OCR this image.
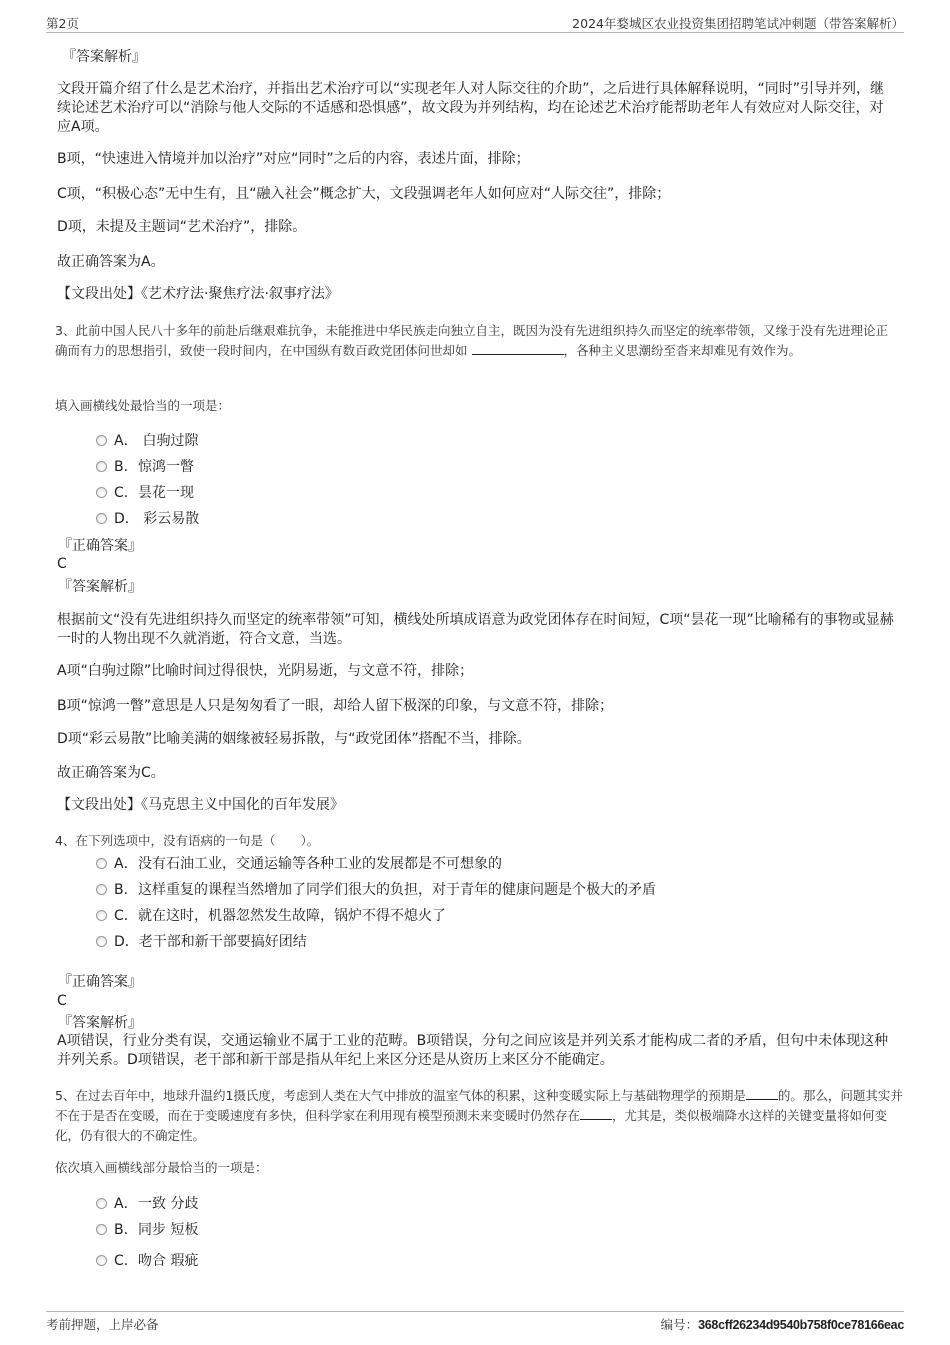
第2页	2024年婺城区农业投资集团招聘笔试冲刺题（带答案解析）
『答案解析』
文段开篇介绍了什么是艺术治疗，并指出艺术治疗可以“实现老年人对人际交往的介助”，之后进行具体解释说明，“同时”引导并列，继续论述艺术治疗可以“消除与他人交际的不适感和恐惧感”，故文段为并列结构，均在论述艺术治疗能帮助老年人有效应对人际交往，对应A项。
B项，“快速进入情境并加以治疗”对应“同时”之后的内容，表述片面，排除；
C项，“积极心态”无中生有，且“融入社会”概念扩大，文段强调老年人如何应对“人际交往”，排除；
D项，未提及主题词“艺术治疗”，排除。
故正确答案为A。
【文段出处】《艺术疗法·聚焦疗法·叙事疗法》
3、此前中国人民八十多年的前赴后继艰难抗争，未能推进中华民族走向独立自主，既因为没有先进组织持久而坚定的统率带领，又缘于没有先进理论正确而有力的思想指引，致使一段时间内，在中国纵有数百政党团体问世却如	，各种主义思潮纷至沓来却难见有效作为。
填入画横线处最恰当的一项是：
A． 白驹过隙
B．惊鸿一瞥
C．昙花一现
D． 彩云易散
『正确答案』
C
『答案解析』
根据前文“没有先进组织持久而坚定的统率带领”可知，横线处所填成语意为政党团体存在时间短，C项“昙花一现”比喻稀有的事物或显赫一时的人物出现不久就消逝，符合文意，当选。
A项“白驹过隙”比喻时间过得很快，光阴易逝，与文意不符，排除；
B项“惊鸿一瞥”意思是人只是匆匆看了一眼，却给人留下极深的印象，与文意不符，排除；
D项“彩云易散”比喻美满的姻缘被轻易拆散，与“政党团体”搭配不当，排除。
故正确答案为C。
【文段出处】《马克思主义中国化的百年发展》
4、在下列选项中，没有语病的一句是（　　）。
A．没有石油工业，交通运输等各种工业的发展都是不可想象的
B．这样重复的课程当然增加了同学们很大的负担，对于青年的健康问题是个极大的矛盾
C．就在这时，机器忽然发生故障，锅炉不得不熄火了
D．老干部和新干部要搞好团结
『正确答案』
C
『答案解析』
A项错误，行业分类有误，交通运输业不属于工业的范畴。B项错误，分句之间应该是并列关系才能构成二者的矛盾，但句中未体现这种并列关系。D项错误，老干部和新干部是指从年纪上来区分还是从资历上来区分不能确定。
5、在过去百年中，地球升温约1摄氏度，考虑到人类在大气中排放的温室气体的积累，这种变暖实际上与基础物理学的预期是	的。那么，问题其实并不在于是否在变暖，而在于变暖速度有多快，但科学家在利用现有模型预测未来变暖时仍然存在	，尤其是，类似极端降水这样的关键变量将如何变化，仍有很大的不确定性。
依次填入画横线部分最恰当的一项是：
A．一致 分歧
B．同步 短板
C．吻合 瑕疵
考前押题，上岸必备	编号：368cff26234d9540b758f0ce78166eac
